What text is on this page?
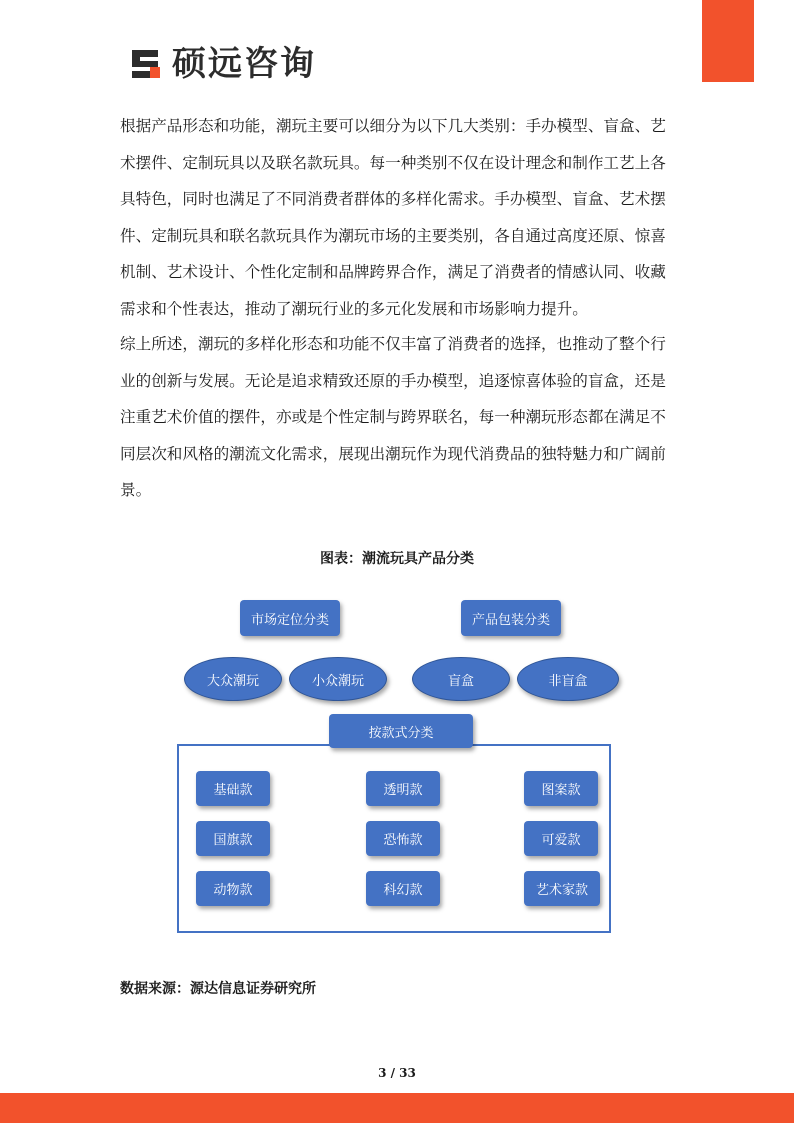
硕远咨询

根据产品形态和功能，潮玩主要可以细分为以下几大类别：手办模型、盲盒、艺术摆件、定制玩具以及联名款玩具。每一种类别不仅在设计理念和制作工艺上各具特色，同时也满足了不同消费者群体的多样化需求。手办模型、盲盒、艺术摆件、定制玩具和联名款玩具作为潮玩市场的主要类别，各自通过高度还原、惊喜机制、艺术设计、个性化定制和品牌跨界合作，满足了消费者的情感认同、收藏需求和个性表达，推动了潮玩行业的多元化发展和市场影响力提升。

综上所述，潮玩的多样化形态和功能不仅丰富了消费者的选择，也推动了整个行业的创新与发展。无论是追求精致还原的手办模型，追逐惊喜体验的盲盒，还是注重艺术价值的摆件，亦或是个性定制与跨界联名，每一种潮玩形态都在满足不同层次和风格的潮流文化需求，展现出潮玩作为现代消费品的独特魅力和广阔前景。

图表：潮流玩具产品分类
市场定位分类	产品包装分类
大众潮玩	小众潮玩	盲盒	非盲盒
按款式分类
基础款	透明款	图案款
国旗款	恐怖款	可爱款
动物款	科幻款	艺术家款
数据来源：源达信息证券研究所
3 / 33
